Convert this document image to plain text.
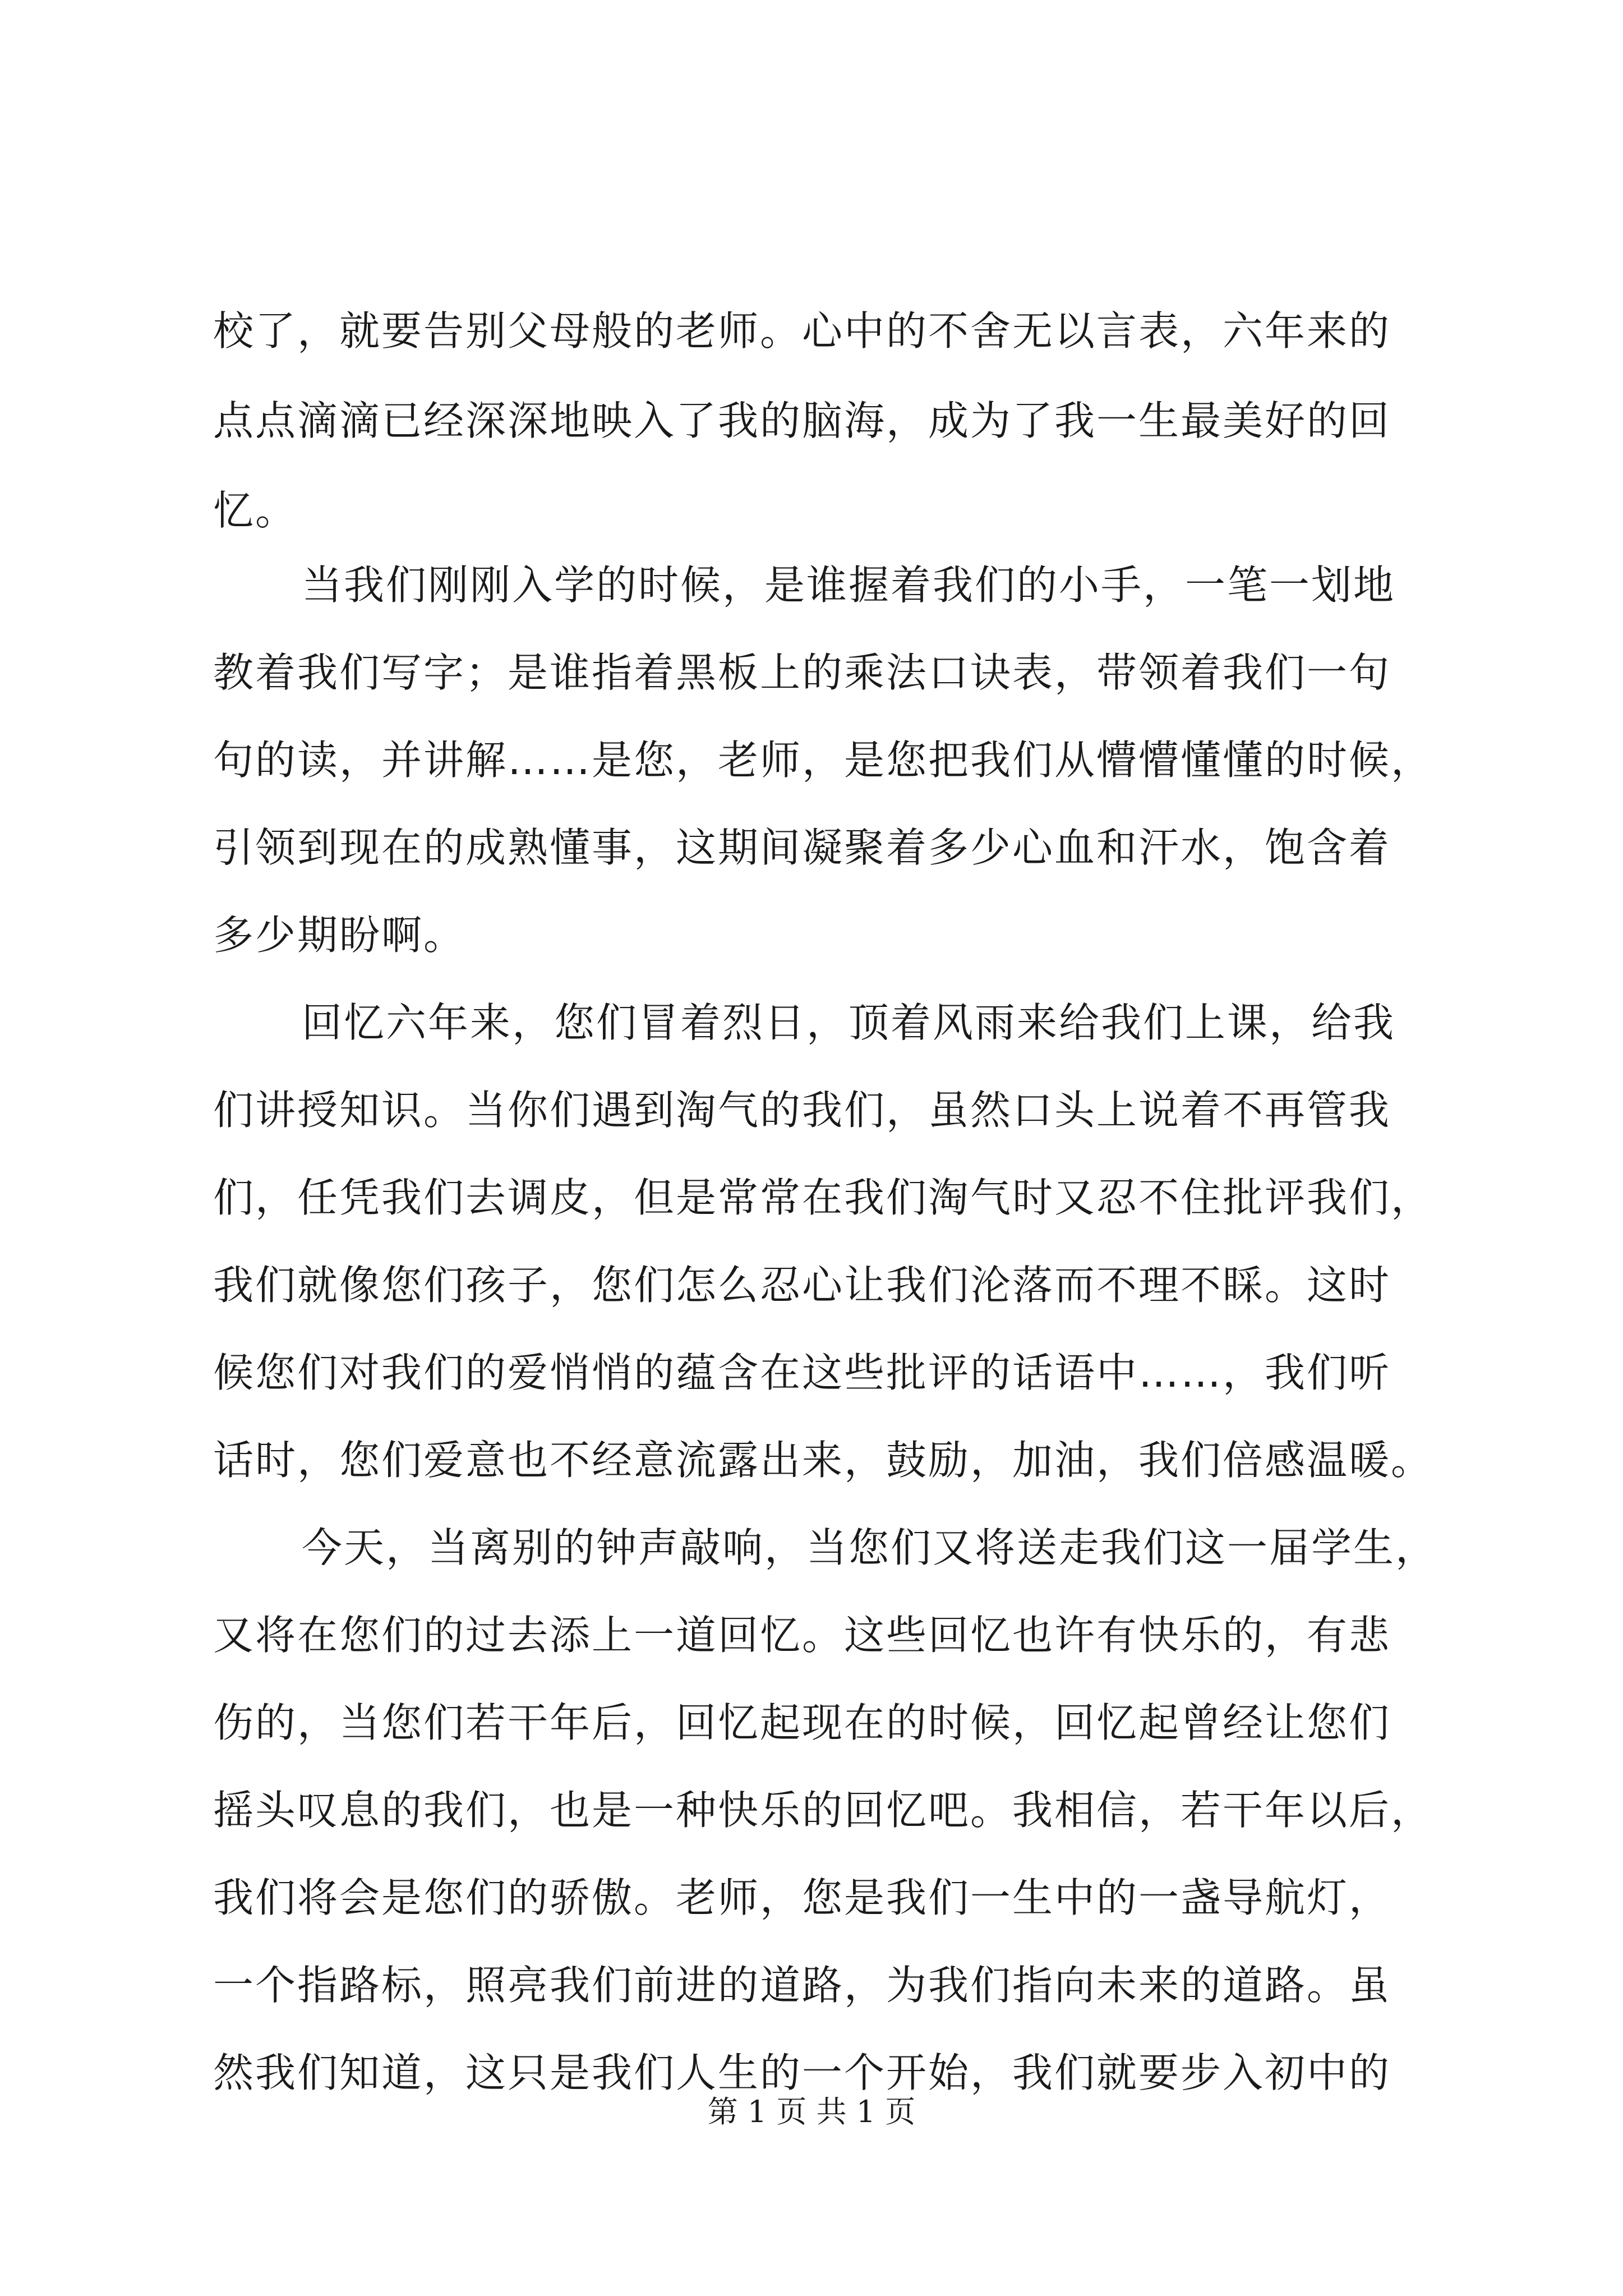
校了，就要告别父母般的老师。心中的不舍无以言表，六年来的
点点滴滴已经深深地映入了我的脑海，成为了我一生最美好的回
忆。
当我们刚刚入学的时候，是谁握着我们的小手，一笔一划地
教着我们写字；是谁指着黑板上的乘法口诀表，带领着我们一句
句的读，并讲解……是您，老师，是您把我们从懵懵懂懂的时候，
引领到现在的成熟懂事，这期间凝聚着多少心血和汗水，饱含着
多少期盼啊。
回忆六年来，您们冒着烈日，顶着风雨来给我们上课，给我
们讲授知识。当你们遇到淘气的我们，虽然口头上说着不再管我
们，任凭我们去调皮，但是常常在我们淘气时又忍不住批评我们，
我们就像您们孩子，您们怎么忍心让我们沦落而不理不睬。这时
候您们对我们的爱悄悄的蕴含在这些批评的话语中……，我们听
话时，您们爱意也不经意流露出来，鼓励，加油，我们倍感温暖。
今天，当离别的钟声敲响，当您们又将送走我们这一届学生，
又将在您们的过去添上一道回忆。这些回忆也许有快乐的，有悲
伤的，当您们若干年后，回忆起现在的时候，回忆起曾经让您们
摇头叹息的我们，也是一种快乐的回忆吧。我相信，若干年以后，
我们将会是您们的骄傲。老师，您是我们一生中的一盏导航灯，
一个指路标，照亮我们前进的道路，为我们指向未来的道路。虽
然我们知道，这只是我们人生的一个开始，我们就要步入初中的
第 1 页 共 1 页
